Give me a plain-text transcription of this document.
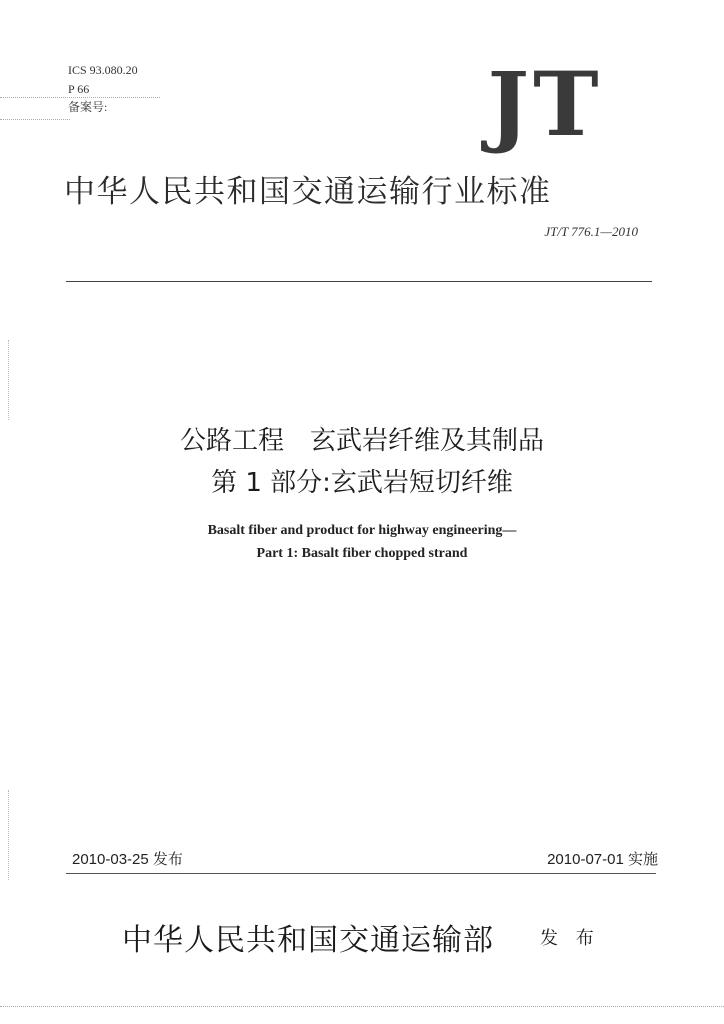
ICS 93.080.20
P 66
备案号:	JT
中华人民共和国交通运输行业标准
JT/T 776.1—2010
公路工程　玄武岩纤维及其制品
第 1 部分:玄武岩短切纤维
Basalt fiber and product for highway engineering—
Part 1: Basalt fiber chopped strand
2010-03-25 发布	2010-07-01 实施
中华人民共和国交通运输部	发 布
